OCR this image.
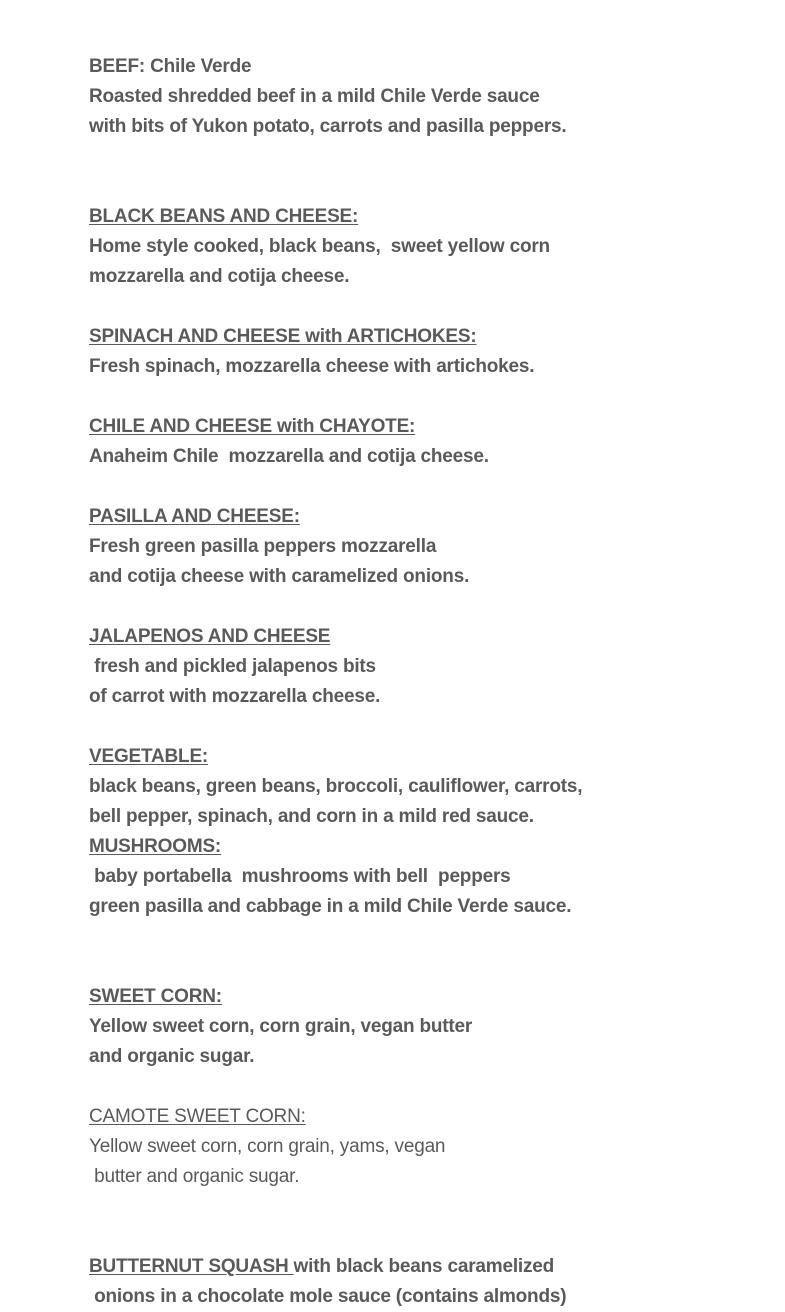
BEEF: Chile Verde
Roasted shredded beef in a mild Chile Verde sauce
with bits of Yukon potato, carrots and pasilla peppers.
BLACK BEANS AND CHEESE:
Home style cooked, black beans,  sweet yellow corn
mozzarella and cotija cheese.
SPINACH AND CHEESE with ARTICHOKES:
Fresh spinach, mozzarella cheese with artichokes.
CHILE AND CHEESE with CHAYOTE:
Anaheim Chile  mozzarella and cotija cheese.
PASILLA AND CHEESE:
Fresh green pasilla peppers mozzarella
and cotija cheese with caramelized onions.
JALAPENOS AND CHEESE
fresh and pickled jalapenos bits
of carrot with mozzarella cheese.
VEGETABLE:
black beans, green beans, broccoli, cauliflower, carrots,
bell pepper, spinach, and corn in a mild red sauce.
MUSHROOMS:
baby portabella  mushrooms with bell  peppers
green pasilla and cabbage in a mild Chile Verde sauce.
SWEET CORN:
Yellow sweet corn, corn grain, vegan butter
and organic sugar.
CAMOTE SWEET CORN:
Yellow sweet corn, corn grain, yams, vegan
butter and organic sugar.
BUTTERNUT SQUASH with black beans caramelized
onions in a chocolate mole sauce (contains almonds)
